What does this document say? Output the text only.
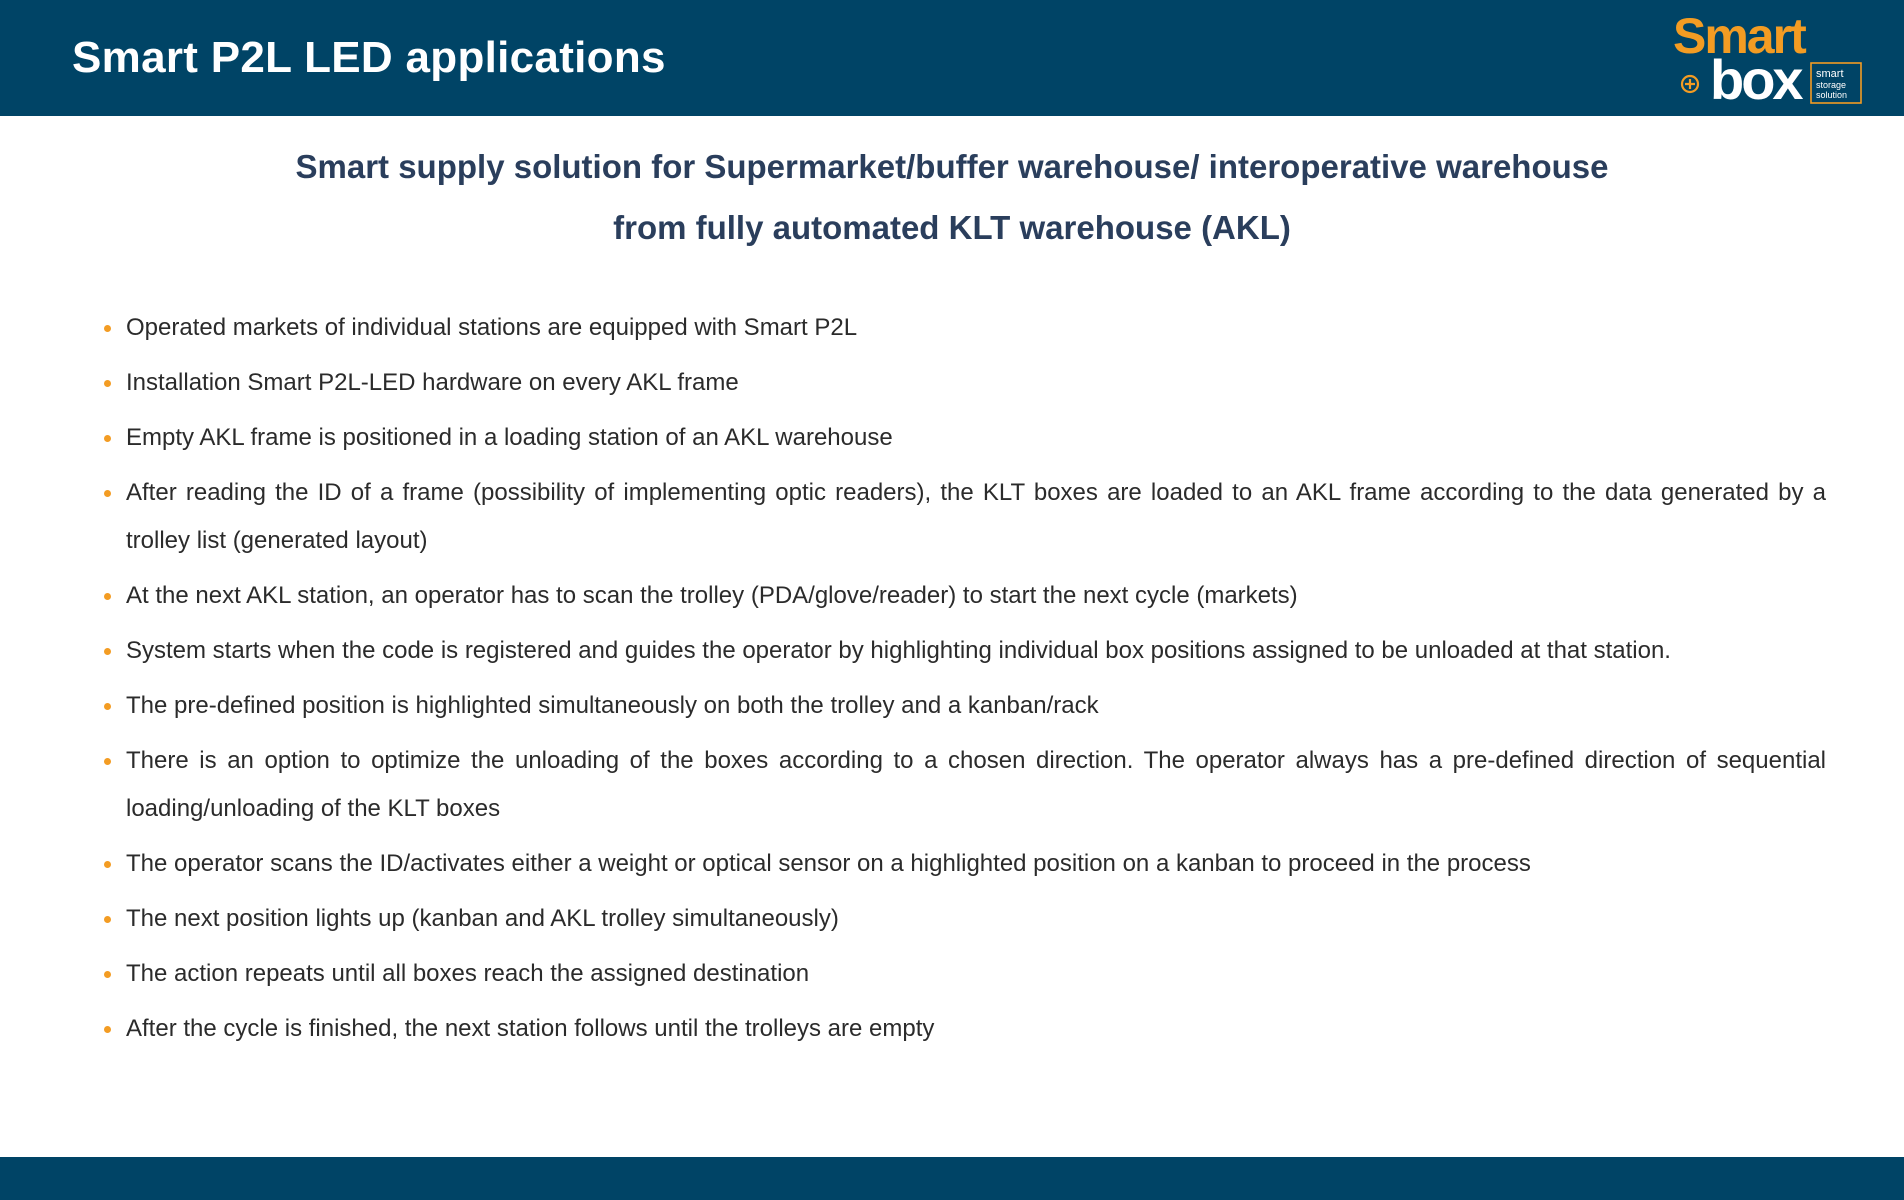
Smart P2L LED applications	Smart
box smart
storage
solution
Smart supply solution for Supermarket/buffer warehouse/ interoperative warehouse
from fully automated KLT warehouse (AKL)
Operated markets of individual stations are equipped with Smart P2L
Installation Smart P2L-LED hardware on every AKL frame
Empty AKL frame is positioned in a loading station of an AKL warehouse
After reading the ID of a frame (possibility of implementing optic readers), the KLT boxes are loaded to an AKL frame according to the data generated by a trolley list (generated layout)
At the next AKL station, an operator has to scan the trolley (PDA/glove/reader) to start the next cycle (markets)
System starts when the code is registered and guides the operator by highlighting individual box positions assigned to be unloaded at that station.
The pre-defined position is highlighted simultaneously on both the trolley and a kanban/rack
There is an option to optimize the unloading of the boxes according to a chosen direction. The operator always has a pre-defined direction of sequential loading/unloading of the KLT boxes
The operator scans the ID/activates either a weight or optical sensor on a highlighted position on a kanban to proceed in the process
The next position lights up (kanban and AKL trolley simultaneously)
The action repeats until all boxes reach the assigned destination
After the cycle is finished, the next station follows until the trolleys are empty
